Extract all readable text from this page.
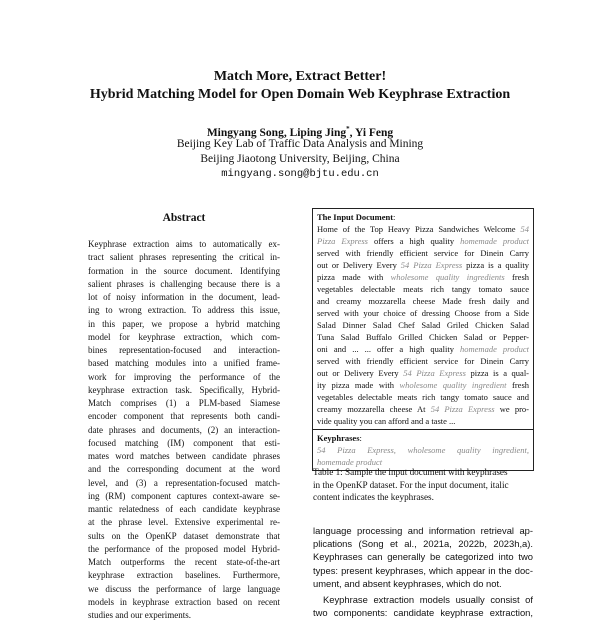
Match More, Extract Better!
Hybrid Matching Model for Open Domain Web Keyphrase Extraction
Mingyang Song, Liping Jing*, Yi Feng
Beijing Key Lab of Traffic Data Analysis and Mining
Beijing Jiaotong University, Beijing, China
mingyang.song@bjtu.edu.cn
Abstract
Keyphrase extraction aims to automatically ex-
tract salient phrases representing the critical in-
formation in the source document. Identifying
salient phrases is challenging because there is a
lot of noisy information in the document, lead-
ing to wrong extraction. To address this issue,
in this paper, we propose a hybrid matching
model for keyphrase extraction, which com-
bines representation-focused and interaction-
based matching modules into a unified frame-
work for improving the performance of the
keyphrase extraction task. Specifically, Hybrid-
Match comprises (1) a PLM-based Siamese
encoder component that represents both candi-
date phrases and documents, (2) an interaction-
focused matching (IM) component that esti-
mates word matches between candidate phrases
and the corresponding document at the word
level, and (3) a representation-focused match-
ing (RM) component captures context-aware se-
mantic relatedness of each candidate keyphrase
at the phrase level. Extensive experimental re-
sults on the OpenKP dataset demonstrate that
the performance of the proposed model Hybrid-
Match outperforms the recent state-of-the-art
keyphrase extraction baselines. Furthermore,
we discuss the performance of large language
models in keyphrase extraction based on recent
studies and our experiments.
The Input Document:
Home of the Top Heavy Pizza Sandwiches Welcome 54
Pizza Express offers a high quality homemade product
served with friendly efficient service for Dinein Carry
out or Delivery Every 54 Pizza Express pizza is a quality
pizza made with wholesome quality ingredients fresh
vegetables delectable meats rich tangy tomato sauce
and creamy mozzarella cheese Made fresh daily and
served with your choice of dressing Choose from a Side
Salad Dinner Salad Chef Salad Griled Chicken Salad
Tuna Salad Buffalo Grilled Chicken Salad or Pepper-
oni and ... ... offer a high quality homemade product
served with friendly efficient service for Dinein Carry
out or Delivery Every 54 Pizza Express pizza is a qual-
ity pizza made with wholesome quality ingredient fresh
vegetables delectable meats rich tangy tomato sauce and
creamy mozzarella cheese At 54 Pizza Express we pro-
vide quality you can afford and a taste ...
Keyphrases:
54 Pizza Express, wholesome quality ingredient,
homemade product
Table 1: Sample the input document with keyphrases
in the OpenKP dataset. For the input document, italic
content indicates the keyphrases.
language processing and information retrieval ap-
plications (Song et al., 2021a, 2022b, 2023h,a).
Keyphrases can generally be categorized into two
types: present keyphrases, which appear in the doc-
ument, and absent keyphrases, which do not.
Keyphrase extraction models usually consist of
two components: candidate keyphrase extraction,
